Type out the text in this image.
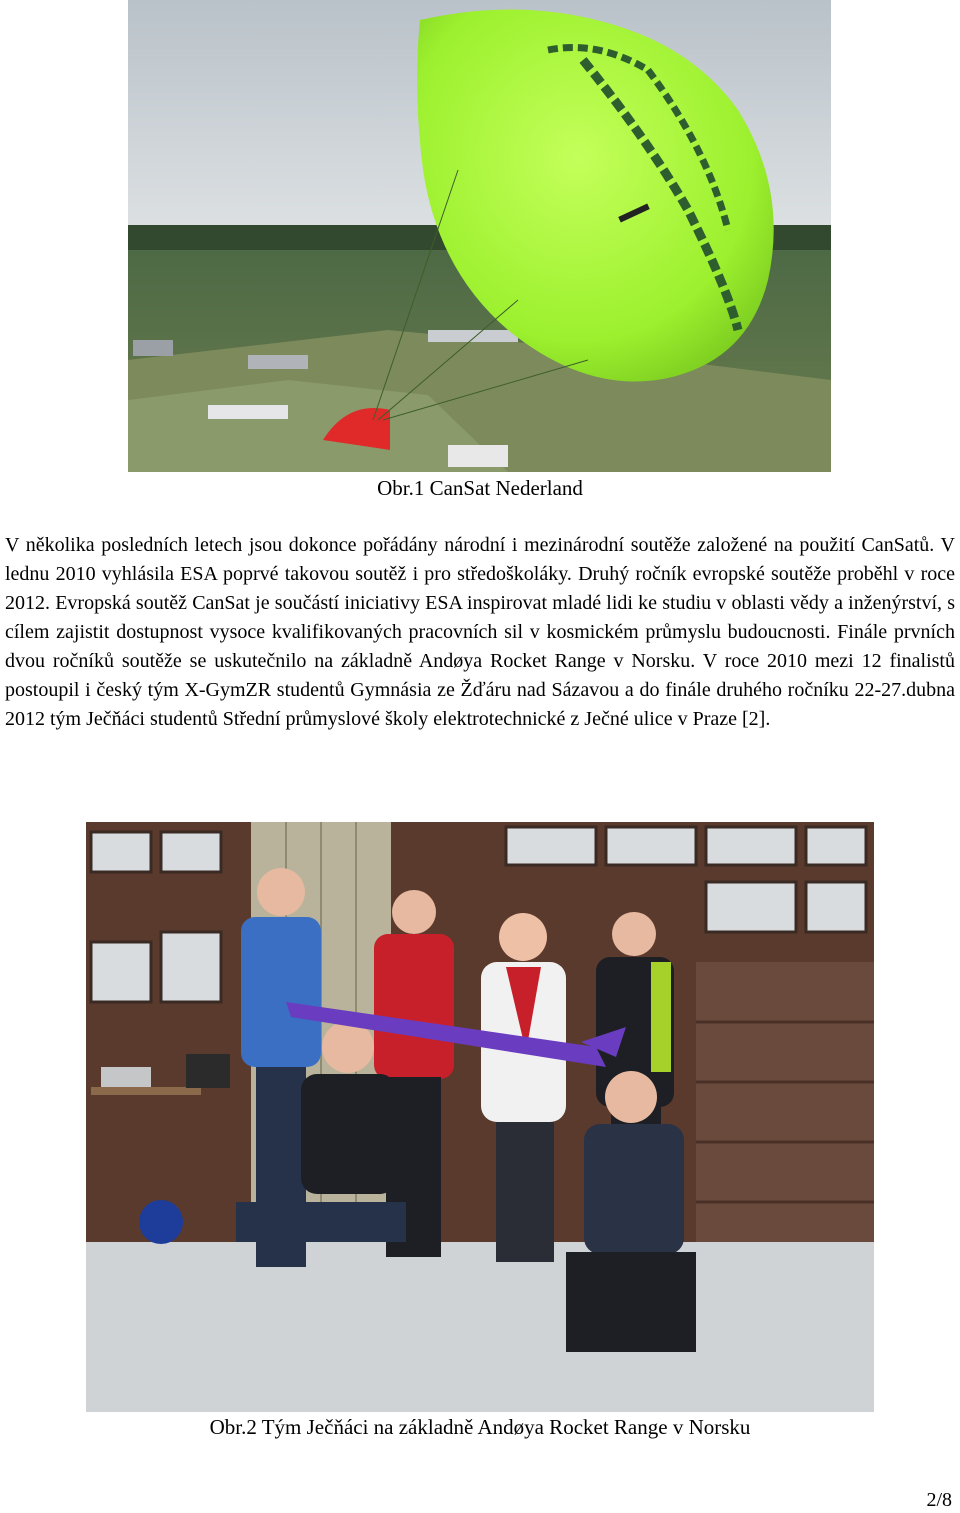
Obr.1 CanSat Nederland

V několika posledních letech jsou dokonce pořádány národní i mezinárodní soutěže založené na použití CanSatů. V lednu 2010 vyhlásila ESA poprvé takovou soutěž i pro středoškoláky. Druhý ročník evropské soutěže proběhl v roce 2012. Evropská soutěž CanSat je součástí iniciativy ESA inspirovat mladé lidi ke studiu v oblasti vědy a inženýrství, s cílem zajistit dostupnost vysoce kvalifikovaných pracovních sil v kosmickém průmyslu budoucnosti. Finále prvních dvou ročníků soutěže se uskutečnilo na základně Andøya Rocket Range v Norsku. V roce 2010 mezi 12 finalistů postoupil i český tým X-GymZR studentů Gymnásia ze Žďáru nad Sázavou a do finále druhého ročníku 22-27.dubna 2012 tým Ječňáci studentů Střední průmyslové školy elektrotechnické z Ječné ulice v Praze [2].

Obr.2 Tým Ječňáci na základně Andøya Rocket Range v Norsku
2/8
